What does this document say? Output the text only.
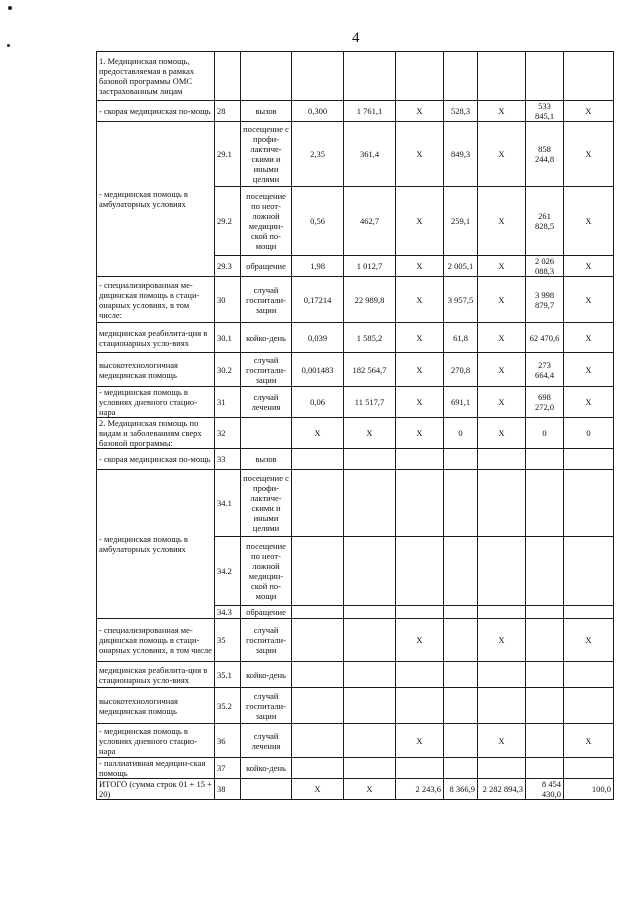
4
1. Медицинская помощь, предоставляемая в рамках базовой программы ОМС застрахованным лицам									
- скорая медицинская по-мощь	28	вызов	0,300	1 761,1	X	528,3	X	533 845,1	X
- медицинская помощь в амбулаторных условиях	29.1	посещение с профи-лактиче-скими и иными целями	2,35	361,4	X	849,3	X	858 244,8	X
	29.2	посещение по неот-ложной медицин-ской по-мощи	0,56	462,7	X	259,1	X	261 828,5	X
	29.3	обращение	1,98	1 012,7	X	2 005,1	X	2 026 088,3	X
- специализированная ме-дицинская помощь в стаци-онарных условиях, в том числе:	30	случай госпитали-зации	0,17214	22 989,8	X	3 957,5	X	3 998 879,7	X
медицинская реабилита-ция в стационарных усло-виях	30.1	койко-день	0,039	1 585,2	X	61,8	X	62 470,6	X
высокотехнологичная медицинская помощь	30.2	случай госпитали-зации	0,001483	182 564,7	X	270,8	X	273 664,4	X
- медицинская помощь в условиях дневного стацио-нара	31	случай лечения	0,06	11 517,7	X	691,1	X	698 272,0	X
2. Медицинская помощь по видам и заболеваниям сверх базовой программы:	32		X	X	X	0	X	0	0
- скорая медицинская по-мощь	33	вызов							
- медицинская помощь в амбулаторных условиях	34.1	посещение с профи-лактиче-скими и иными целями							
	34.2	посещение по неот-ложной медицин-ской по-мощи							
	34.3	обращение							
- специализированная ме-дицинская помощь в стаци-онарных условиях, в том числе	35	случай госпитали-зации			X		X		X
медицинская реабилита-ция в стационарных усло-виях	35.1	койко-день							
высокотехнологичная медицинская помощь	35.2	случай госпитали-зации							
- медицинская помощь в условиях дневного стацио-нара	36	случай лечения			X		X		X
- паллиативная медицин-ская помощь	37	койко-день							
ИТОГО (сумма строк 01 + 15 + 20)	38		X	X	2 243,6	8 366,9	2 282 894,3	8 454 430,0	100,0
